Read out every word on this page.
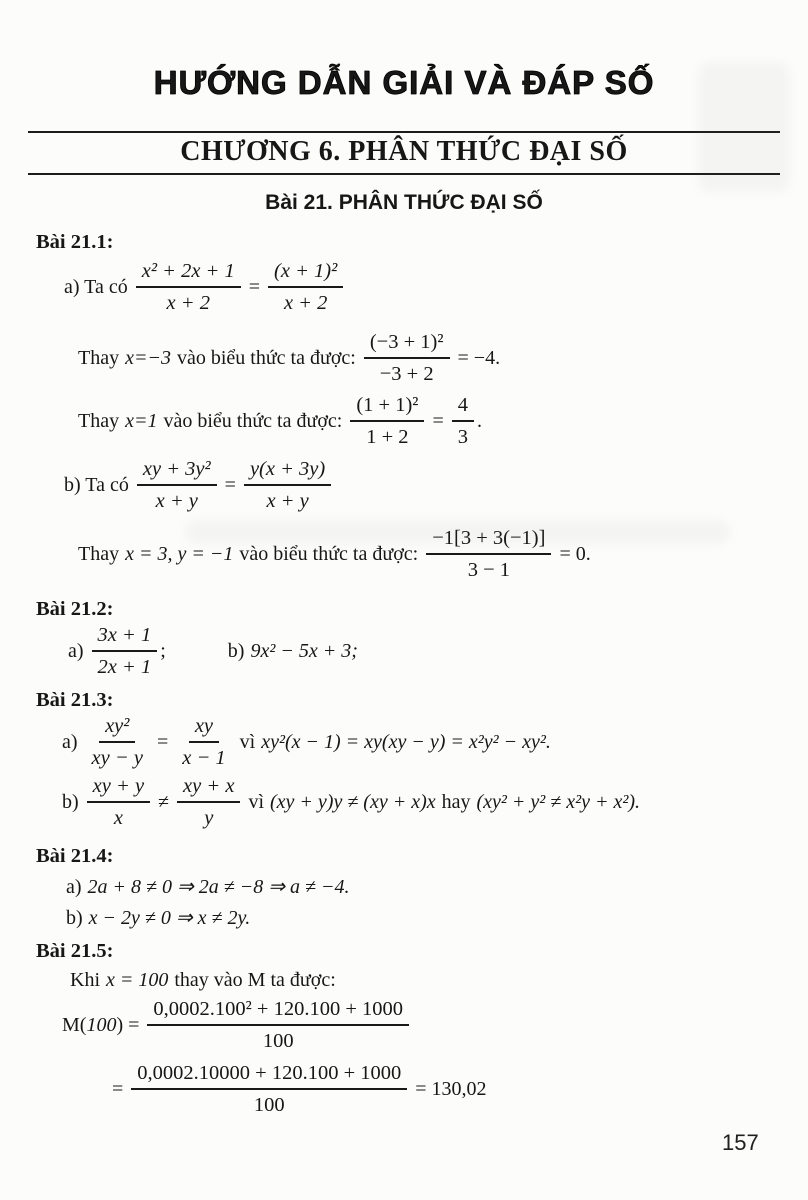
HƯỚNG DẪN GIẢI VÀ ĐÁP SỐ
CHƯƠNG 6. PHÂN THỨC ĐẠI SỐ
Bài 21. PHÂN THỨC ĐẠI SỐ
Bài 21.1:
a) Ta có $\frac{\text{x² + 2x + 1}}{x + 2} = \frac{\text{(x + 1)²}}{x + 2}$
Thay x=−3 vào biểu thức ta được: $\frac{\text{(−3 + 1)²}}{-3 + 2} = -4$.
Thay x=1 vào biểu thức ta được: $\frac{\text{(1 + 1)²}}{1 + 2} = \frac{4}{3}$ .
b) Ta có $\frac{\text{xy + 3y²}}{x + y} = \frac{y(x + 3y)}{x + y}$
Thay x = 3, y = −1 vào biểu thức ta được: $\frac{-1[3 + 3(-1)]}{3 - 1} = 0$.
Bài 21.2:
$a) \frac{3x + 1}{2x + 1}$ ;	b) 9x² − 5x + 3;
Bài 21.3:
$a) \frac{\text{xy²}}{xy - y} = \frac{xy}{x - 1}$ vì xy²(x − 1) = xy(xy − y) = x²y² − xy².
$b) \frac{xy + y}{x} \ne \frac{xy + x}{y}$ vì (xy + y)y ≠ (xy + x)x hay (xy² + y² ≠ x²y + x²).
Bài 21.4:
a) 2a + 8 ≠ 0 ⇒ 2a ≠ −8 ⇒ a ≠ −4.
b) x − 2y ≠ 0 ⇒ x ≠ 2y.
Bài 21.5:
Khi x = 100 thay vào M ta được:
M( 100 ) = $\frac{\text{0,0002.100² + 120.100 + 1000}}{100}$
= $\frac{0,0002.10000 + 120.100 + 1000}{100} = 130,02$
157
